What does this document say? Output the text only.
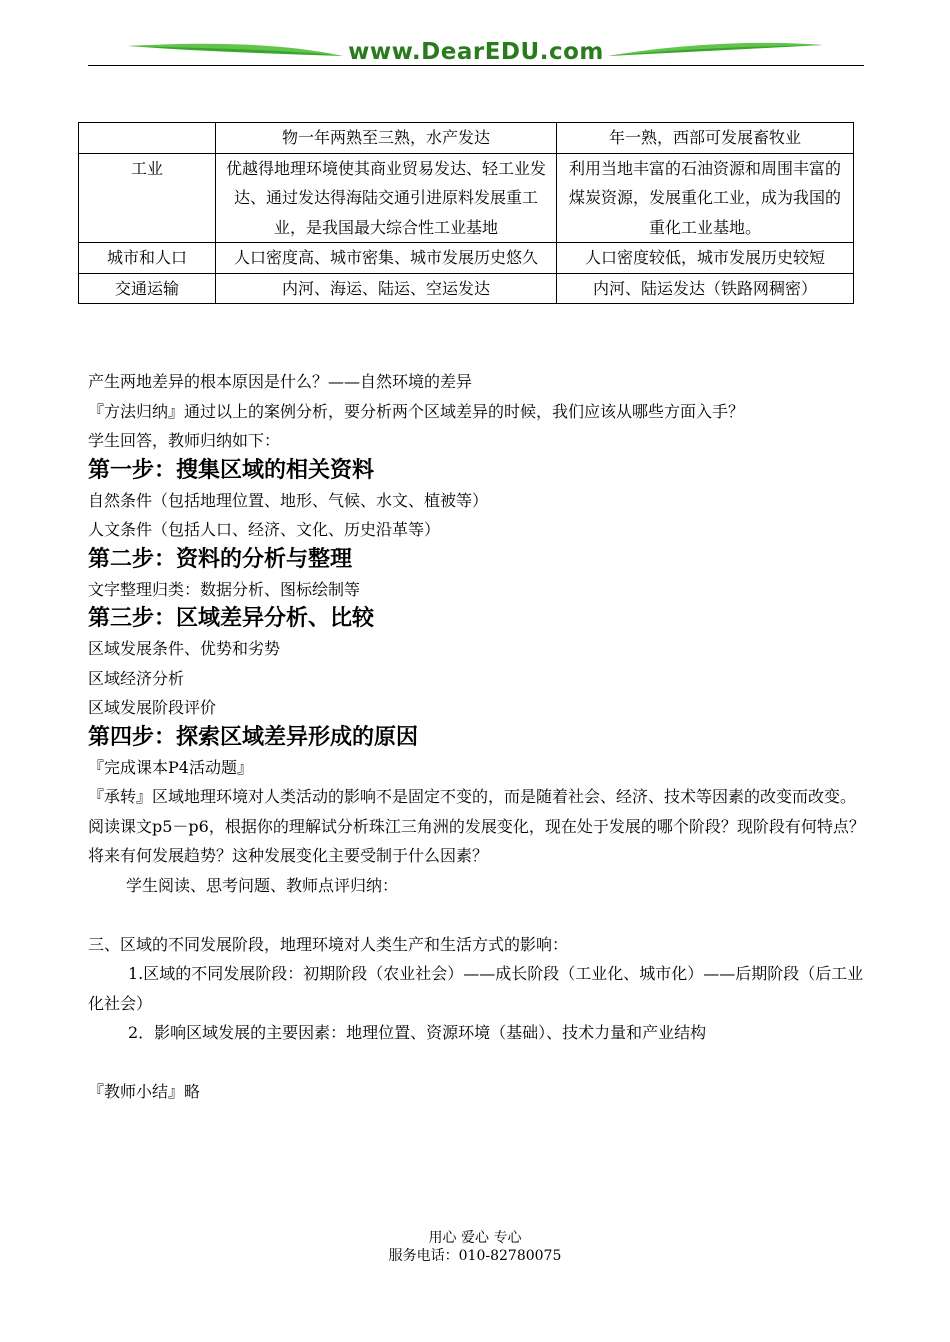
www.DearEDU.com
	物一年两熟至三熟，水产发达	年一熟，西部可发展畜牧业
工业	优越得地理环境使其商业贸易发达、轻工业发达、通过发达得海陆交通引进原料发展重工业，是我国最大综合性工业基地	利用当地丰富的石油资源和周围丰富的煤炭资源，发展重化工业，成为我国的重化工业基地。
城市和人口	人口密度高、城市密集、城市发展历史悠久	人口密度较低，城市发展历史较短
交通运输	内河、海运、陆运、空运发达	内河、陆运发达（铁路网稠密）

产生两地差异的根本原因是什么？——自然环境的差异

『方法归纳』通过以上的案例分析，要分析两个区域差异的时候，我们应该从哪些方面入手？

学生回答，教师归纳如下：

第一步：搜集区域的相关资料

自然条件（包括地理位置、地形、气候、水文、植被等）

人文条件（包括人口、经济、文化、历史沿革等）

第二步：资料的分析与整理

文字整理归类：数据分析、图标绘制等

第三步：区域差异分析、比较

区域发展条件、优势和劣势

区域经济分析

区域发展阶段评价

第四步：探索区域差异形成的原因

『完成课本P4活动题』

『承转』区域地理环境对人类活动的影响不是固定不变的，而是随着社会、经济、技术等因素的改变而改变。阅读课文p5－p6，根据你的理解试分析珠江三角洲的发展变化，现在处于发展的哪个阶段？现阶段有何特点？将来有何发展趋势？这种发展变化主要受制于什么因素？

学生阅读、思考问题、教师点评归纳：

三、区域的不同发展阶段，地理环境对人类生产和生活方式的影响：

1.区域的不同发展阶段：初期阶段（农业社会）——成长阶段（工业化、城市化）——后期阶段（后工业化社会）

2．影响区域发展的主要因素：地理位置、资源环境（基础）、技术力量和产业结构

『教师小结』略

用心 爱心 专心
服务电话：010-82780075
